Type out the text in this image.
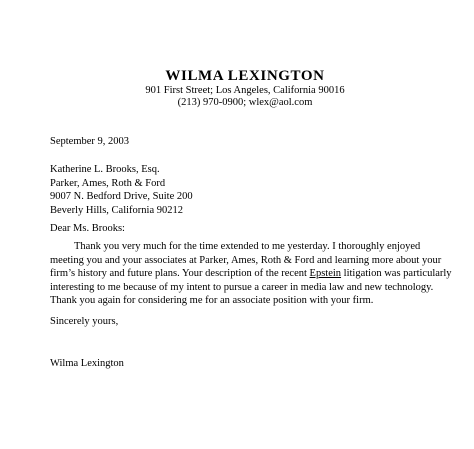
WILMA LEXINGTON
901 First Street; Los Angeles, California 90016
(213) 970-0900; wlex@aol.com
September 9, 2003
Katherine L. Brooks, Esq.
Parker, Ames, Roth & Ford
9007 N. Bedford Drive, Suite 200
Beverly Hills, California 90212
Dear Ms. Brooks:
Thank you very much for the time extended to me yesterday. I thoroughly enjoyed
meeting you and your associates at Parker, Ames, Roth & Ford and learning more about your
firm’s history and future plans. Your description of the recent Epstein litigation was particularly
interesting to me because of my intent to pursue a career in media law and new technology.
Thank you again for considering me for an associate position with your firm.
Sincerely yours,
Wilma Lexington
